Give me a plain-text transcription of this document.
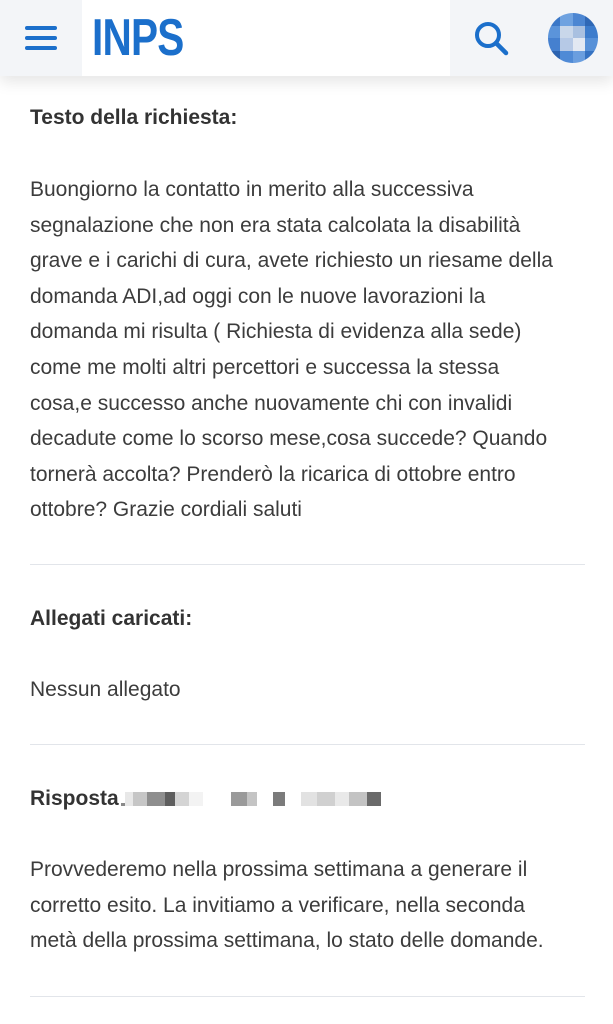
INPS

Testo della richiesta:

Buongiorno la contatto in merito alla successiva

segnalazione che non era stata calcolata la disabilità

grave e i carichi di cura, avete richiesto un riesame della

domanda ADI,ad oggi con le nuove lavorazioni la

domanda mi risulta ( Richiesta di evidenza alla sede)

come me molti altri percettori e successa la stessa

cosa,e successo anche nuovamente chi con invalidi

decadute come lo scorso mese,cosa succede? Quando

tornerà accolta? Prenderò la ricarica di ottobre entro

ottobre? Grazie cordiali saluti

Allegati caricati:

Nessun allegato

Risposta

Provvederemo nella prossima settimana a generare il

corretto esito. La invitiamo a verificare, nella seconda

metà della prossima settimana, lo stato delle domande.
